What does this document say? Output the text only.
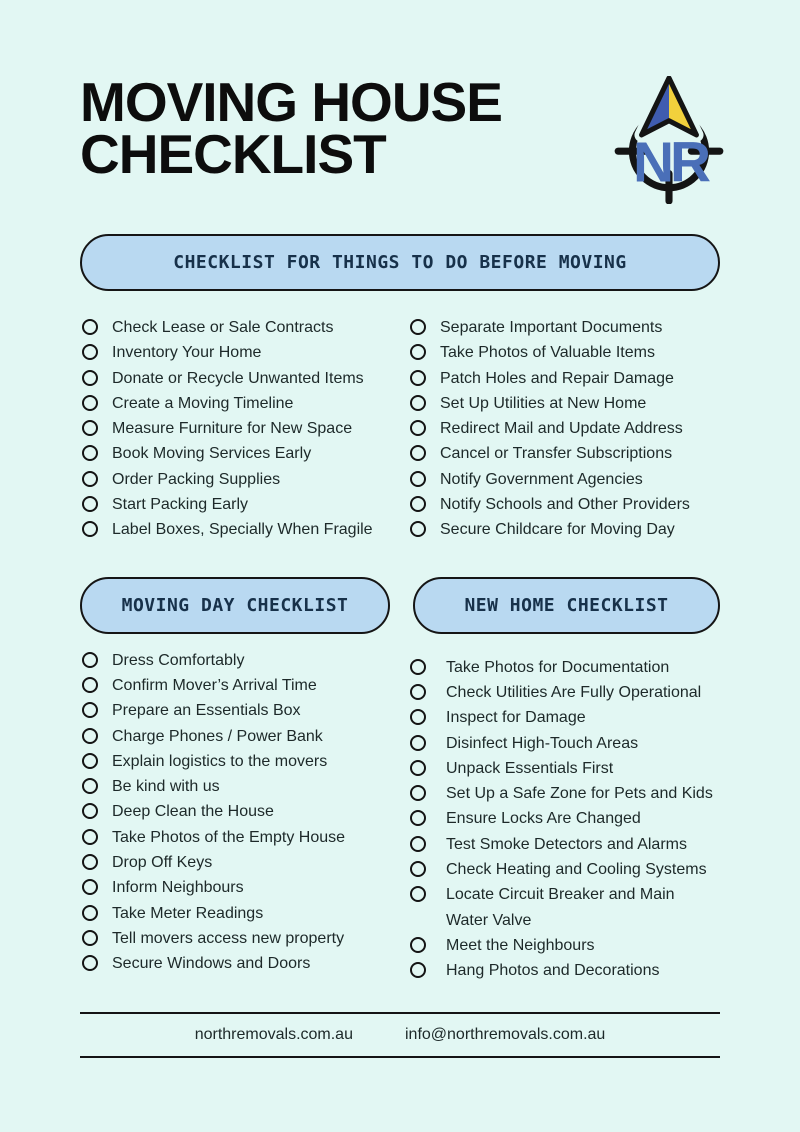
MOVING HOUSE
CHECKLIST
CHECKLIST FOR THINGS TO DO BEFORE MOVING
Check Lease or Sale Contracts
Inventory Your Home
Donate or Recycle Unwanted Items
Create a Moving Timeline
Measure Furniture for New Space
Book Moving Services Early
Order Packing Supplies
Start Packing Early
Label Boxes, Specially When Fragile
Separate Important Documents
Take Photos of Valuable Items
Patch Holes and Repair Damage
Set Up Utilities at New Home
Redirect Mail and Update Address
Cancel or Transfer Subscriptions
Notify Government Agencies
Notify Schools and Other Providers
Secure Childcare for Moving Day
MOVING DAY CHECKLIST	NEW HOME CHECKLIST
Dress Comfortably
Confirm Mover’s Arrival Time
Prepare an Essentials Box
Charge Phones / Power Bank
Explain logistics to the movers
Be kind with us
Deep Clean the House
Take Photos of the Empty House
Drop Off Keys
Inform Neighbours
Take Meter Readings
Tell movers access new property
Secure Windows and Doors
Take Photos for Documentation
Check Utilities Are Fully Operational
Inspect for Damage
Disinfect High-Touch Areas
Unpack Essentials First
Set Up a Safe Zone for Pets and Kids
Ensure Locks Are Changed
Test Smoke Detectors and Alarms
Check Heating and Cooling Systems
Locate Circuit Breaker and Main Water Valve
Meet the Neighbours
Hang Photos and Decorations
northremovals.com.au	info@northremovals.com.au
NR
